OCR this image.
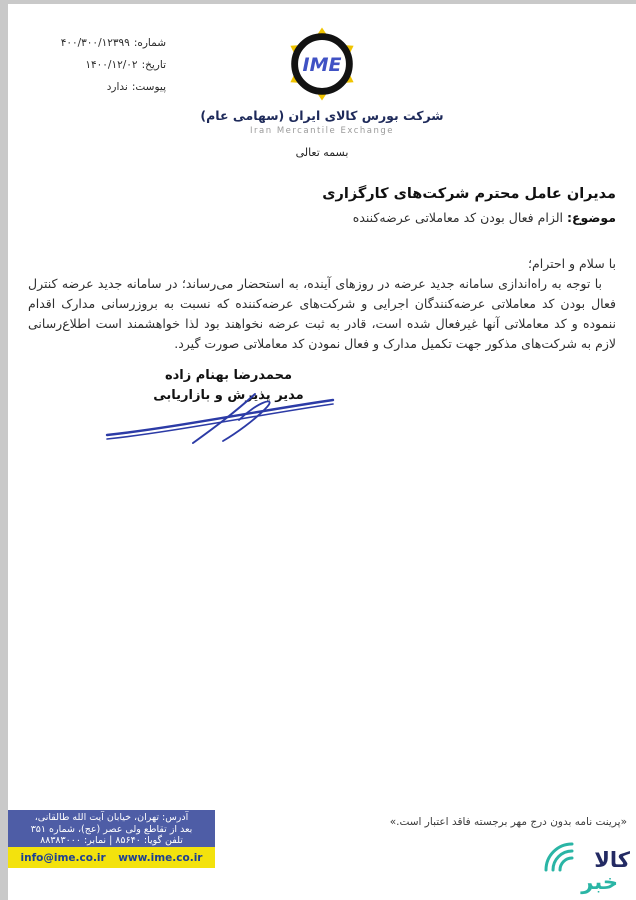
شماره:۴۰۰/۳۰۰/۱۲۳۹۹
تاریخ:۱۴۰۰/۱۲/۰۲
پیوست:ندارد
IME
شرکت بورس کالای ایران (سهامی عام)
Iran Mercantile Exchange
بسمه تعالی
مدیران عامل محترم شرکت‌های کارگزاری
موضوع: الزام فعال بودن کد معاملاتی عرضه‌کننده
با سلام و احترام؛
با توجه به راه‌اندازی سامانه جدید عرضه در روزهای آینده، به استحضار می‌رساند؛ در سامانه جدید عرضه کنترل فعال بودن کد معاملاتی عرضه‌کنندگان اجرایی و شرکت‌های عرضه‌کننده که نسبت به بروزرسانی مدارک اقدام ننموده و کد معاملاتی آنها غیرفعال شده است، قادر به ثبت عرضه نخواهند بود لذا خواهشمند است اطلاع‌رسانی لازم به شرکت‌های مذکور جهت تکمیل مدارک و فعال نمودن کد معاملاتی صورت گیرد.
محمدرضا بهنام زاده
مدیر پذیرش و بازاریابی
آدرس: تهران، خیابان آیت الله طالقانی،
بعد از تقاطع ولی عصر (عج)، شماره ۳۵۱
تلفن گویا: ۸۵۶۴۰ | نمابر: ۸۸۳۸۳۰۰۰
info@ime.co.ir www.ime.co.ir
«پرینت نامه بدون درج مهر برجسته فاقد اعتبار است.»
کالا
خبر
